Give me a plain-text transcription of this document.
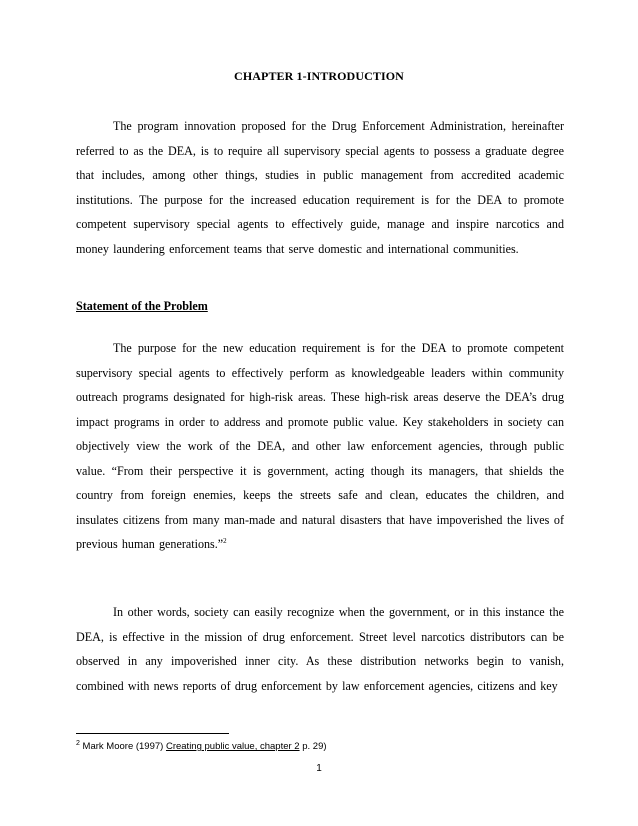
CHAPTER 1-INTRODUCTION

The program innovation proposed for the Drug Enforcement Administration, hereinafter referred to as the DEA, is to require all supervisory special agents to possess a graduate degree that includes, among other things, studies in public management from accredited academic institutions. The purpose for the increased education requirement is for the DEA to promote competent supervisory special agents to effectively guide, manage and inspire narcotics and money laundering enforcement teams that serve domestic and international communities.

Statement of the Problem

The purpose for the new education requirement is for the DEA to promote competent supervisory special agents to effectively perform as knowledgeable leaders within community outreach programs designated for high-risk areas. These high-risk areas deserve the DEA’s drug impact programs in order to address and promote public value. Key stakeholders in society can objectively view the work of the DEA, and other law enforcement agencies, through public value. “From their perspective it is government, acting though its managers, that shields the country from foreign enemies, keeps the streets safe and clean, educates the children, and insulates citizens from many man-made and natural disasters that have impoverished the lives of previous human generations.”$^2$

In other words, society can easily recognize when the government, or in this instance the DEA, is effective in the mission of drug enforcement. Street level narcotics distributors can be observed in any impoverished inner city. As these distribution networks begin to vanish, combined with news reports of drug enforcement by law enforcement agencies, citizens and key

$^2$ Mark Moore (1997) Creating public value, chapter 2 p. 29)
1
